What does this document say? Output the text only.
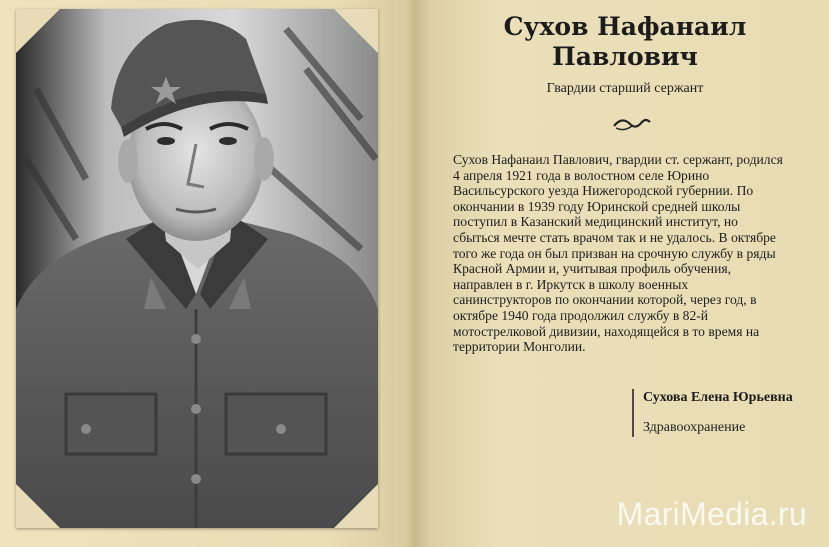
Сухов Нафанаил Павлович
Гвардии старший сержант

Сухов Нафанаил Павлович, гвардии ст. сержант, родился 4 апреля 1921 года в волостном селе Юрино Васильсурского уезда Нижегородской губернии. По окончании в 1939 году Юринской средней школы поступил в Казанский медицинский институт, но сбыться мечте стать врачом так и не удалось. В октябре того же года он был призван на срочную службу в ряды Красной Армии и, учитывая профиль обучения, направлен в г. Иркутск в школу военных санинструкторов по окончании которой, через год, в октябре 1940 года продолжил службу в 82-й мотострелковой дивизии, находящейся в то время на территории Монголии.

Сухова Елена Юрьевна
Здравоохранение
MariMedia.ru
